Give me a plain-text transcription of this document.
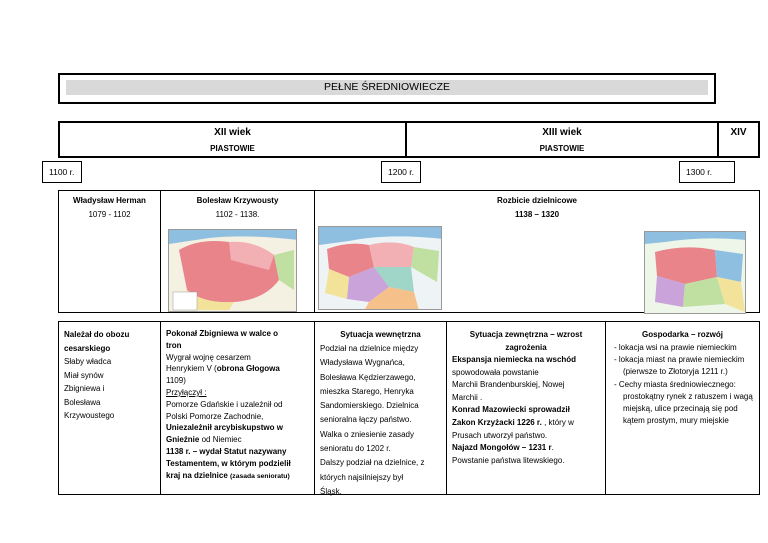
PEŁNE ŚREDNIOWIECZE
XII wiek
PIASTOWIE
XIII wiek
PIASTOWIE
XIV
1100 r.	1200 r.	1300 r.
Władysław Herman
1079 - 1102
Bolesław Krzywousty
1102 - 1138.
Rozbicie dzielnicowe
1138 – 1320
Należał do obozu
cesarskiego
Słaby władca
Miał synów
Zbigniewa i
Bolesława
Krzywoustego
Pokonał Zbigniewa w walce o
tron
Wygrał wojnę cesarzem
Henrykiem V (obrona Głogowa
1109)
Przyłączył :
Pomorze Gdańskie i uzależnił od
Polski Pomorze Zachodnie,
Uniezależnił arcybiskupstwo w
Gnieźnie od Niemiec
1138 r. – wydał Statut nazywany
Testamentem, w którym podzielił
kraj na dzielnice (zasada senioratu)
Sytuacja wewnętrzna
Podział na dzielnice między
Władysława Wygnańca,
Bolesława Kędzierzawego,
mieszka Starego, Henryka
Sandomierskiego. Dzielnica
senioralna łączy państwo.
Walka o zniesienie zasady
senioratu do 1202 r.
Dalszy podział na dzielnice, z
których najsilniejszy był
Śląsk.
Sytuacja zewnętrzna – wzrost
zagrożenia
Ekspansja niemiecka na wschód
spowodowała powstanie
Marchii Brandenburskiej, Nowej
Marchii .
Konrad Mazowiecki sprowadził
Zakon Krzyżacki 1226 r. , który w
Prusach utworzył państwo.
Najazd Mongołów – 1231 r.
Powstanie państwa litewskiego.
Gospodarka – rozwój
- lokacja wsi na prawie niemieckim
- lokacja miast na prawie niemieckim (pierwsze to Złotoryja 1211 r.)
- Cechy miasta średniowiecznego: prostokątny rynek z ratuszem i wagą miejską, ulice przecinają się pod kątem prostym, mury miejskie
